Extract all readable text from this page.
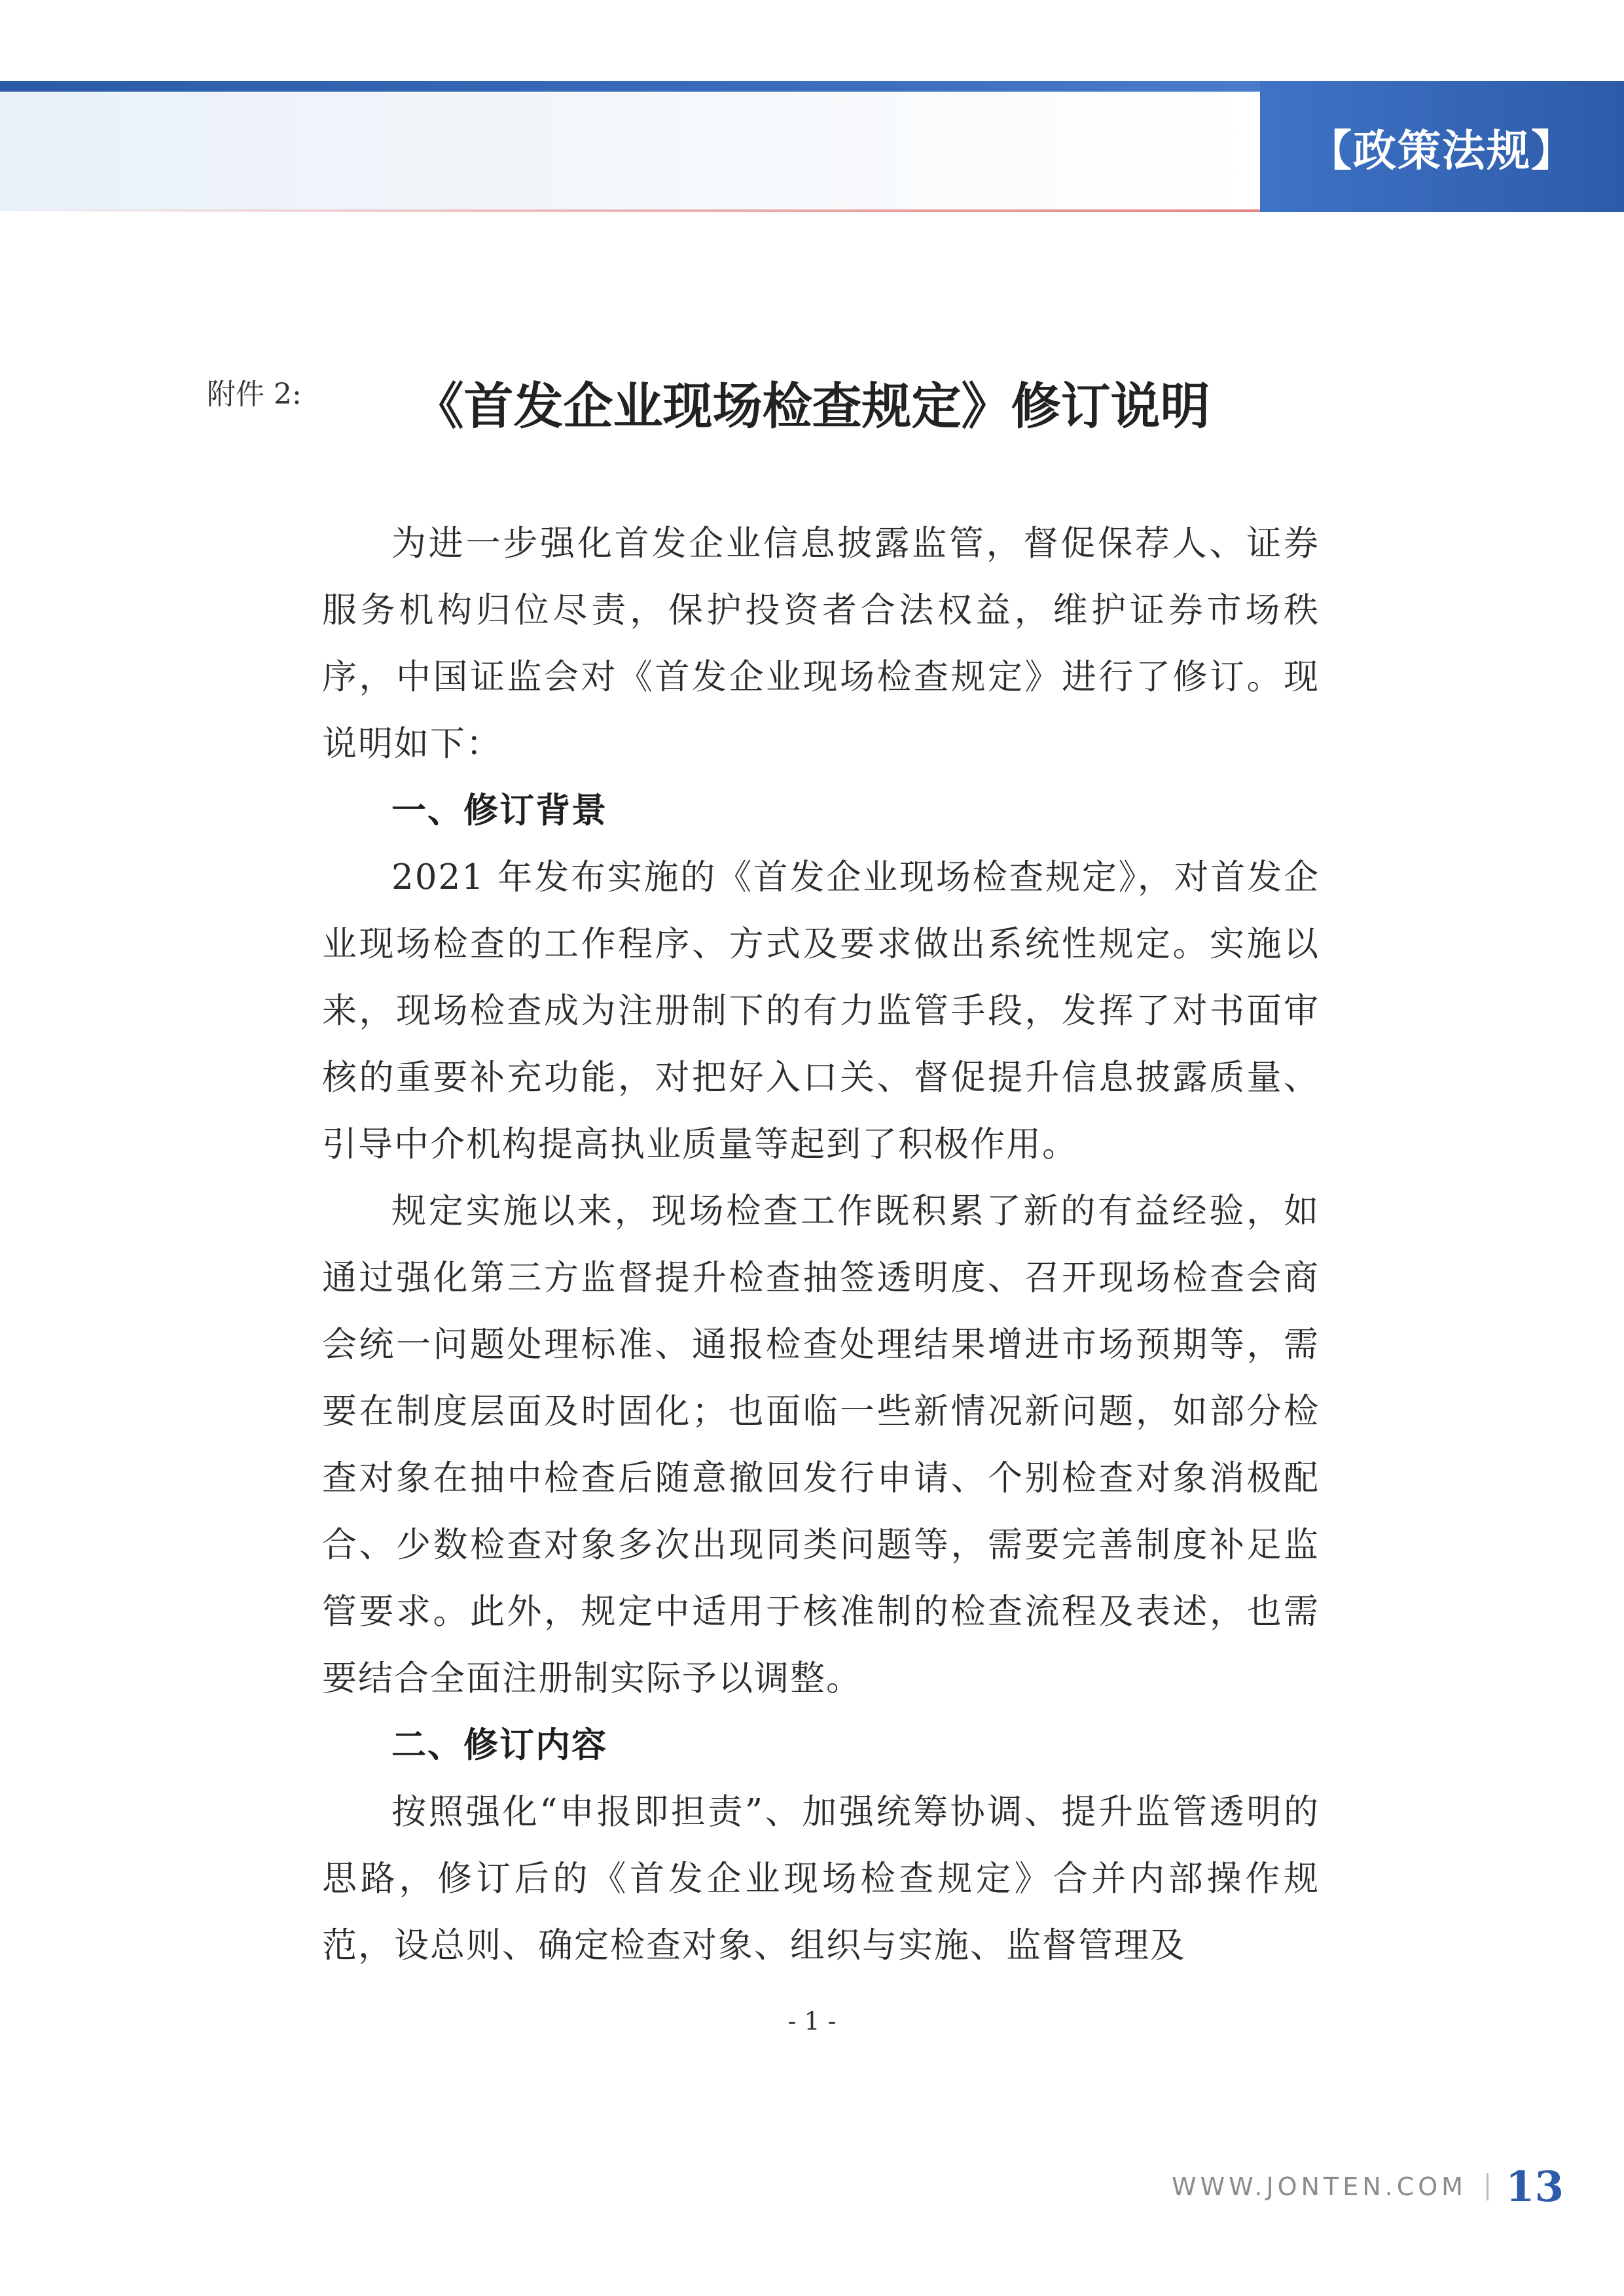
【政策法规】
附件 2:	《首发企业现场检查规定》修订说明

为进一步强化首发企业信息披露监管，督促保荐人、证券服务机构归位尽责，保护投资者合法权益，维护证券市场秩序，中国证监会对《首发企业现场检查规定》进行了修订。现说明如下：

一、修订背景

2021 年发布实施的《首发企业现场检查规定》，对首发企业现场检查的工作程序、方式及要求做出系统性规定。实施以来，现场检查成为注册制下的有力监管手段，发挥了对书面审核的重要补充功能，对把好入口关、督促提升信息披露质量、引导中介机构提高执业质量等起到了积极作用。

规定实施以来，现场检查工作既积累了新的有益经验，如通过强化第三方监督提升检查抽签透明度、召开现场检查会商会统一问题处理标准、通报检查处理结果增进市场预期等，需要在制度层面及时固化；也面临一些新情况新问题，如部分检查对象在抽中检查后随意撤回发行申请、个别检查对象消极配合、少数检查对象多次出现同类问题等，需要完善制度补足监管要求。此外，规定中适用于核准制的检查流程及表述，也需要结合全面注册制实际予以调整。

二、修订内容

按照强化“申报即担责”、加强统筹协调、提升监管透明的思路，修订后的《首发企业现场检查规定》合并内部操作规范，设总则、确定检查对象、组织与实施、监督管理及

- 1 -
WWW.JONTEN.COM 13
